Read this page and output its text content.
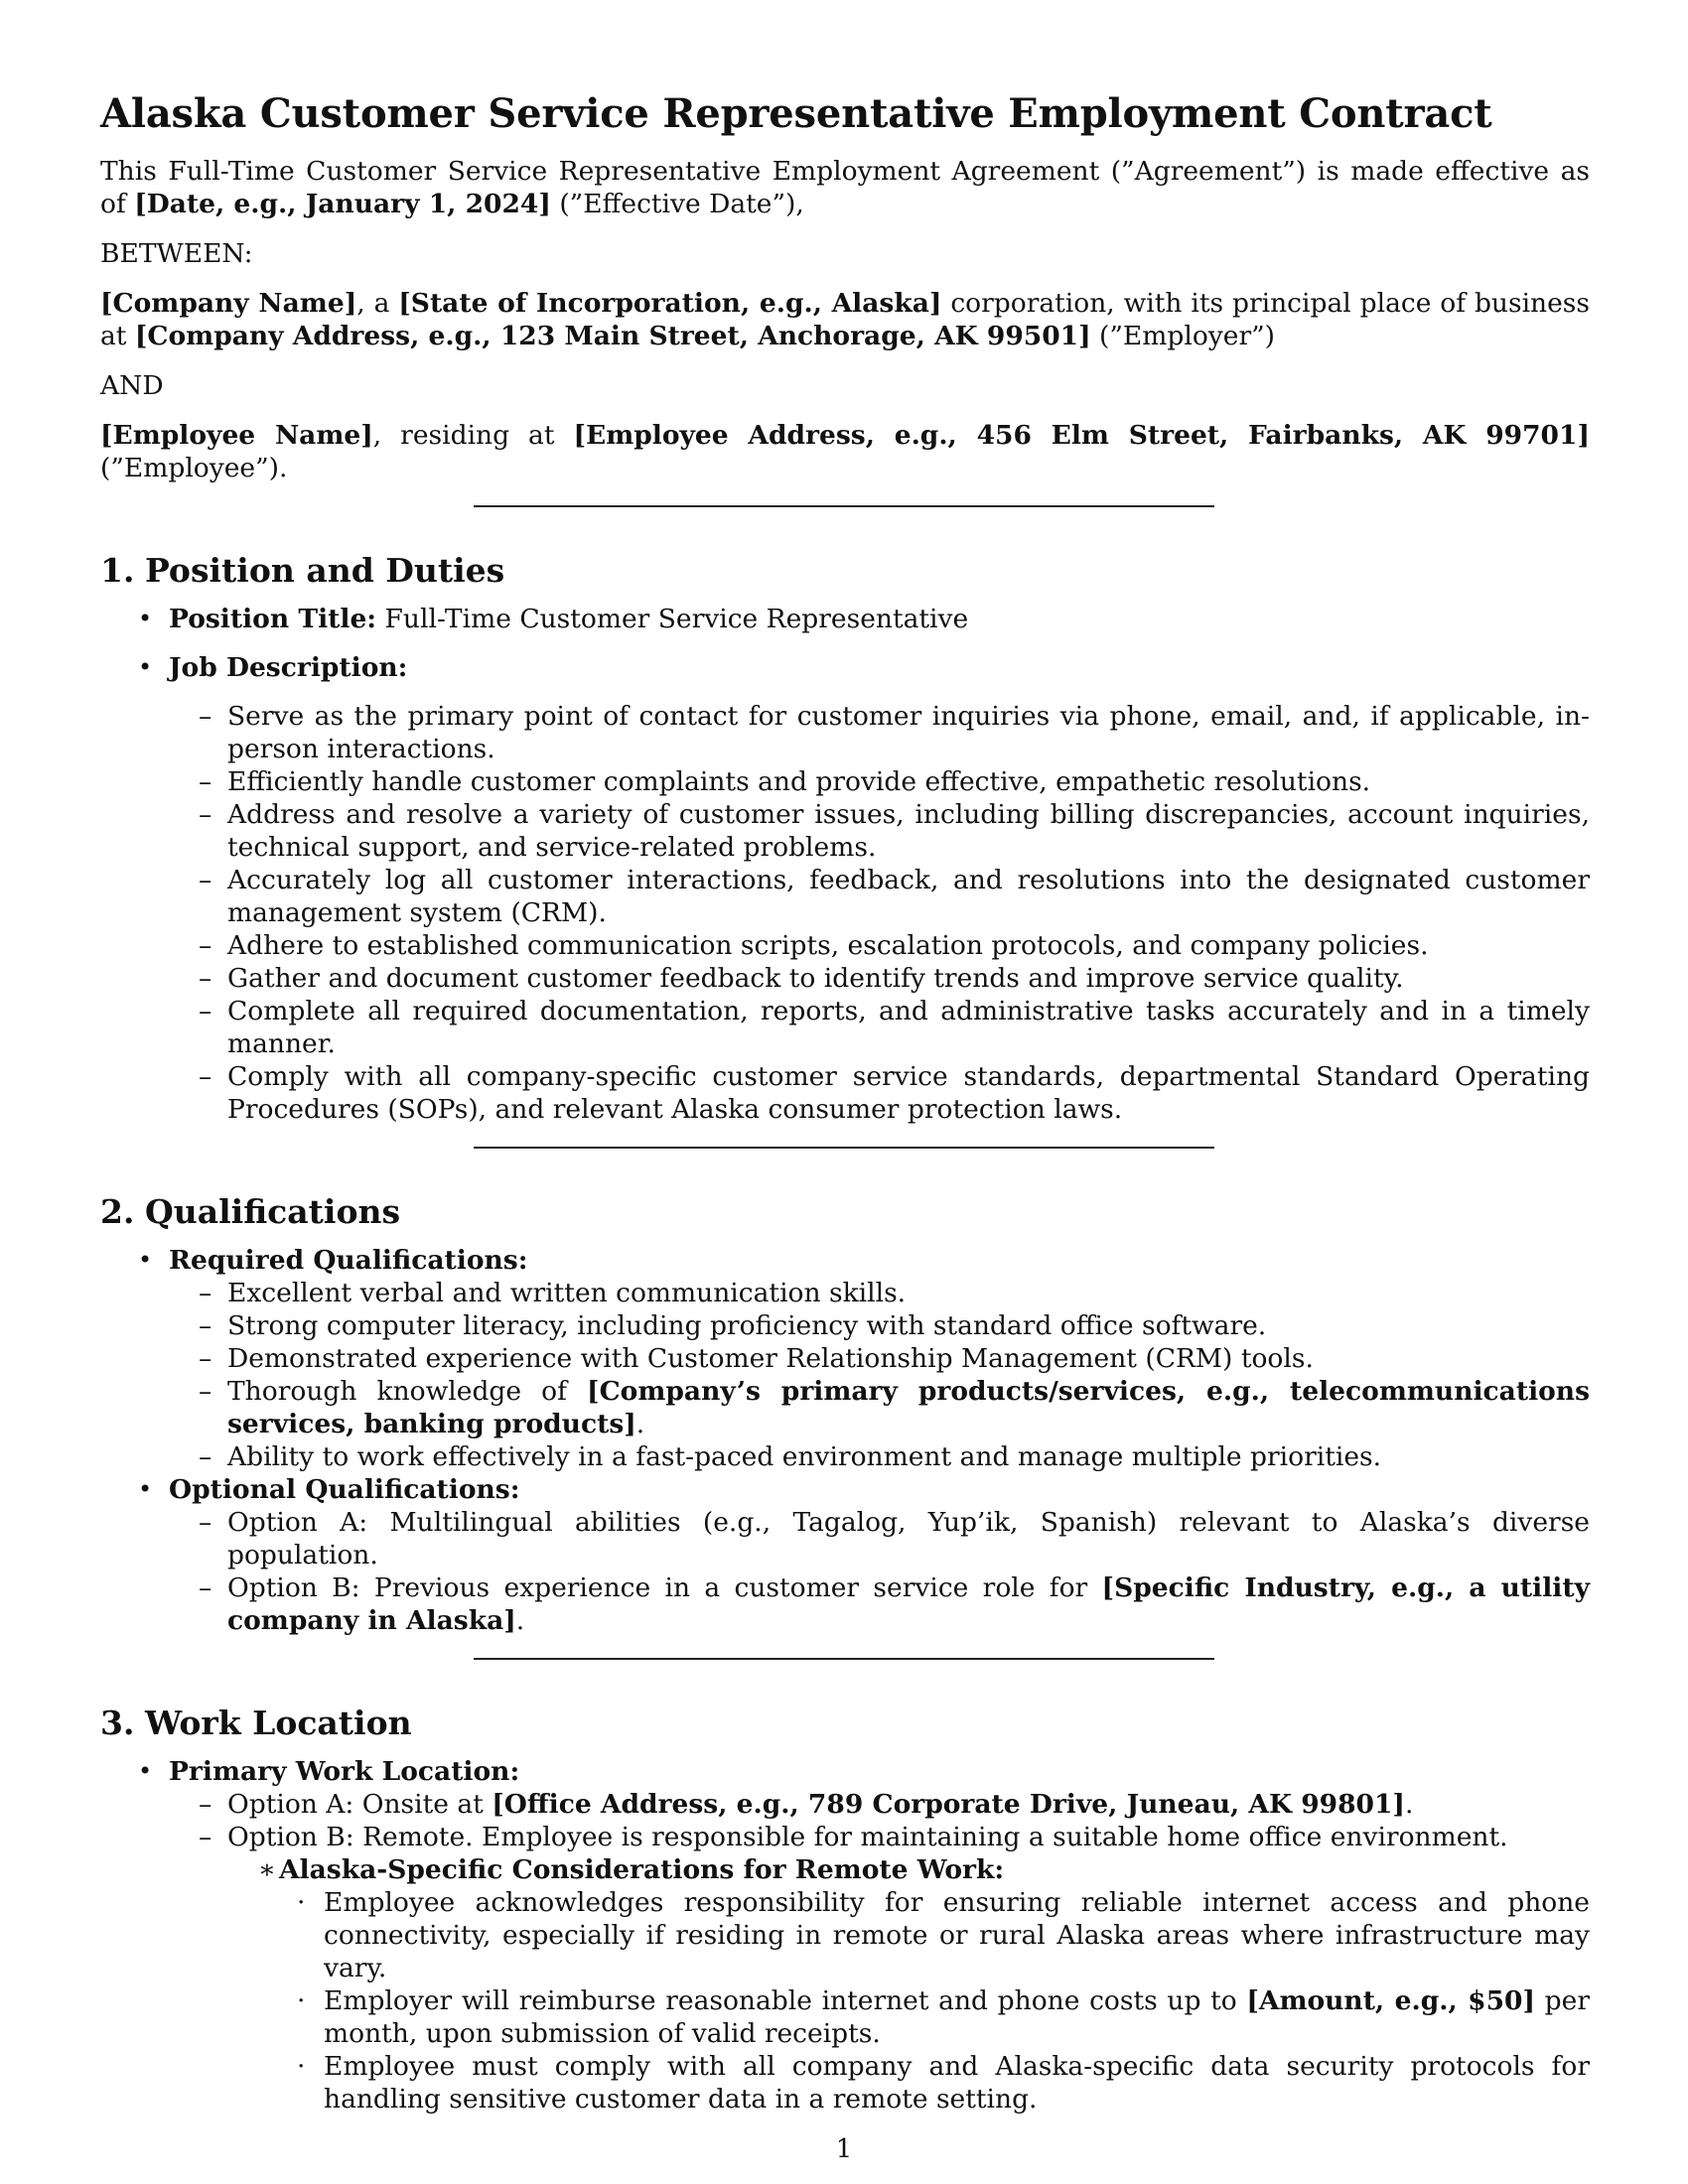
Alaska Customer Service Representative Employment Contract

This Full-Time Customer Service Representative Employment Agreement (”Agreement”) is made effective as of [Date, e.g., January 1, 2024] (”Effective Date”),

BETWEEN:

[Company Name], a [State of Incorporation, e.g., Alaska] corporation, with its principal place of business at [Company Address, e.g., 123 Main Street, Anchorage, AK 99501] (”Employer”)

AND

[Employee Name], residing at [Employee Address, e.g., 456 Elm Street, Fairbanks, AK 99701] (”Employee”).

1. Position and Duties
• Position Title: Full-Time Customer Service Representative
• Job Description:
– Serve as the primary point of contact for customer inquiries via phone, email, and, if applicable, in-person interactions.
– Efficiently handle customer complaints and provide effective, empathetic resolutions.
– Address and resolve a variety of customer issues, including billing discrepancies, account inquiries, technical support, and service-related problems.
– Accurately log all customer interactions, feedback, and resolutions into the designated customer management system (CRM).
– Adhere to established communication scripts, escalation protocols, and company policies.
– Gather and document customer feedback to identify trends and improve service quality.
– Complete all required documentation, reports, and administrative tasks accurately and in a timely manner.
– Comply with all company-specific customer service standards, departmental Standard Operating Procedures (SOPs), and relevant Alaska consumer protection laws.
2. Qualifications
• Required Qualifications:
– Excellent verbal and written communication skills.
– Strong computer literacy, including proficiency with standard office software.
– Demonstrated experience with Customer Relationship Management (CRM) tools.
– Thorough knowledge of [Company’s primary products/services, e.g., telecommunications services, banking products].
– Ability to work effectively in a fast-paced environment and manage multiple priorities.
• Optional Qualifications:
– Option A: Multilingual abilities (e.g., Tagalog, Yup’ik, Spanish) relevant to Alaska’s diverse population.
– Option B: Previous experience in a customer service role for [Specific Industry, e.g., a utility company in Alaska].
3. Work Location
• Primary Work Location:
– Option A: Onsite at [Office Address, e.g., 789 Corporate Drive, Juneau, AK 99801].
– Option B: Remote. Employee is responsible for maintaining a suitable home office environment.
∗ Alaska-Specific Considerations for Remote Work:
· Employee acknowledges responsibility for ensuring reliable internet access and phone connectivity, especially if residing in remote or rural Alaska areas where infrastructure may vary.
· Employer will reimburse reasonable internet and phone costs up to [Amount, e.g., $50] per month, upon submission of valid receipts.
· Employee must comply with all company and Alaska-specific data security protocols for handling sensitive customer data in a remote setting.
1
